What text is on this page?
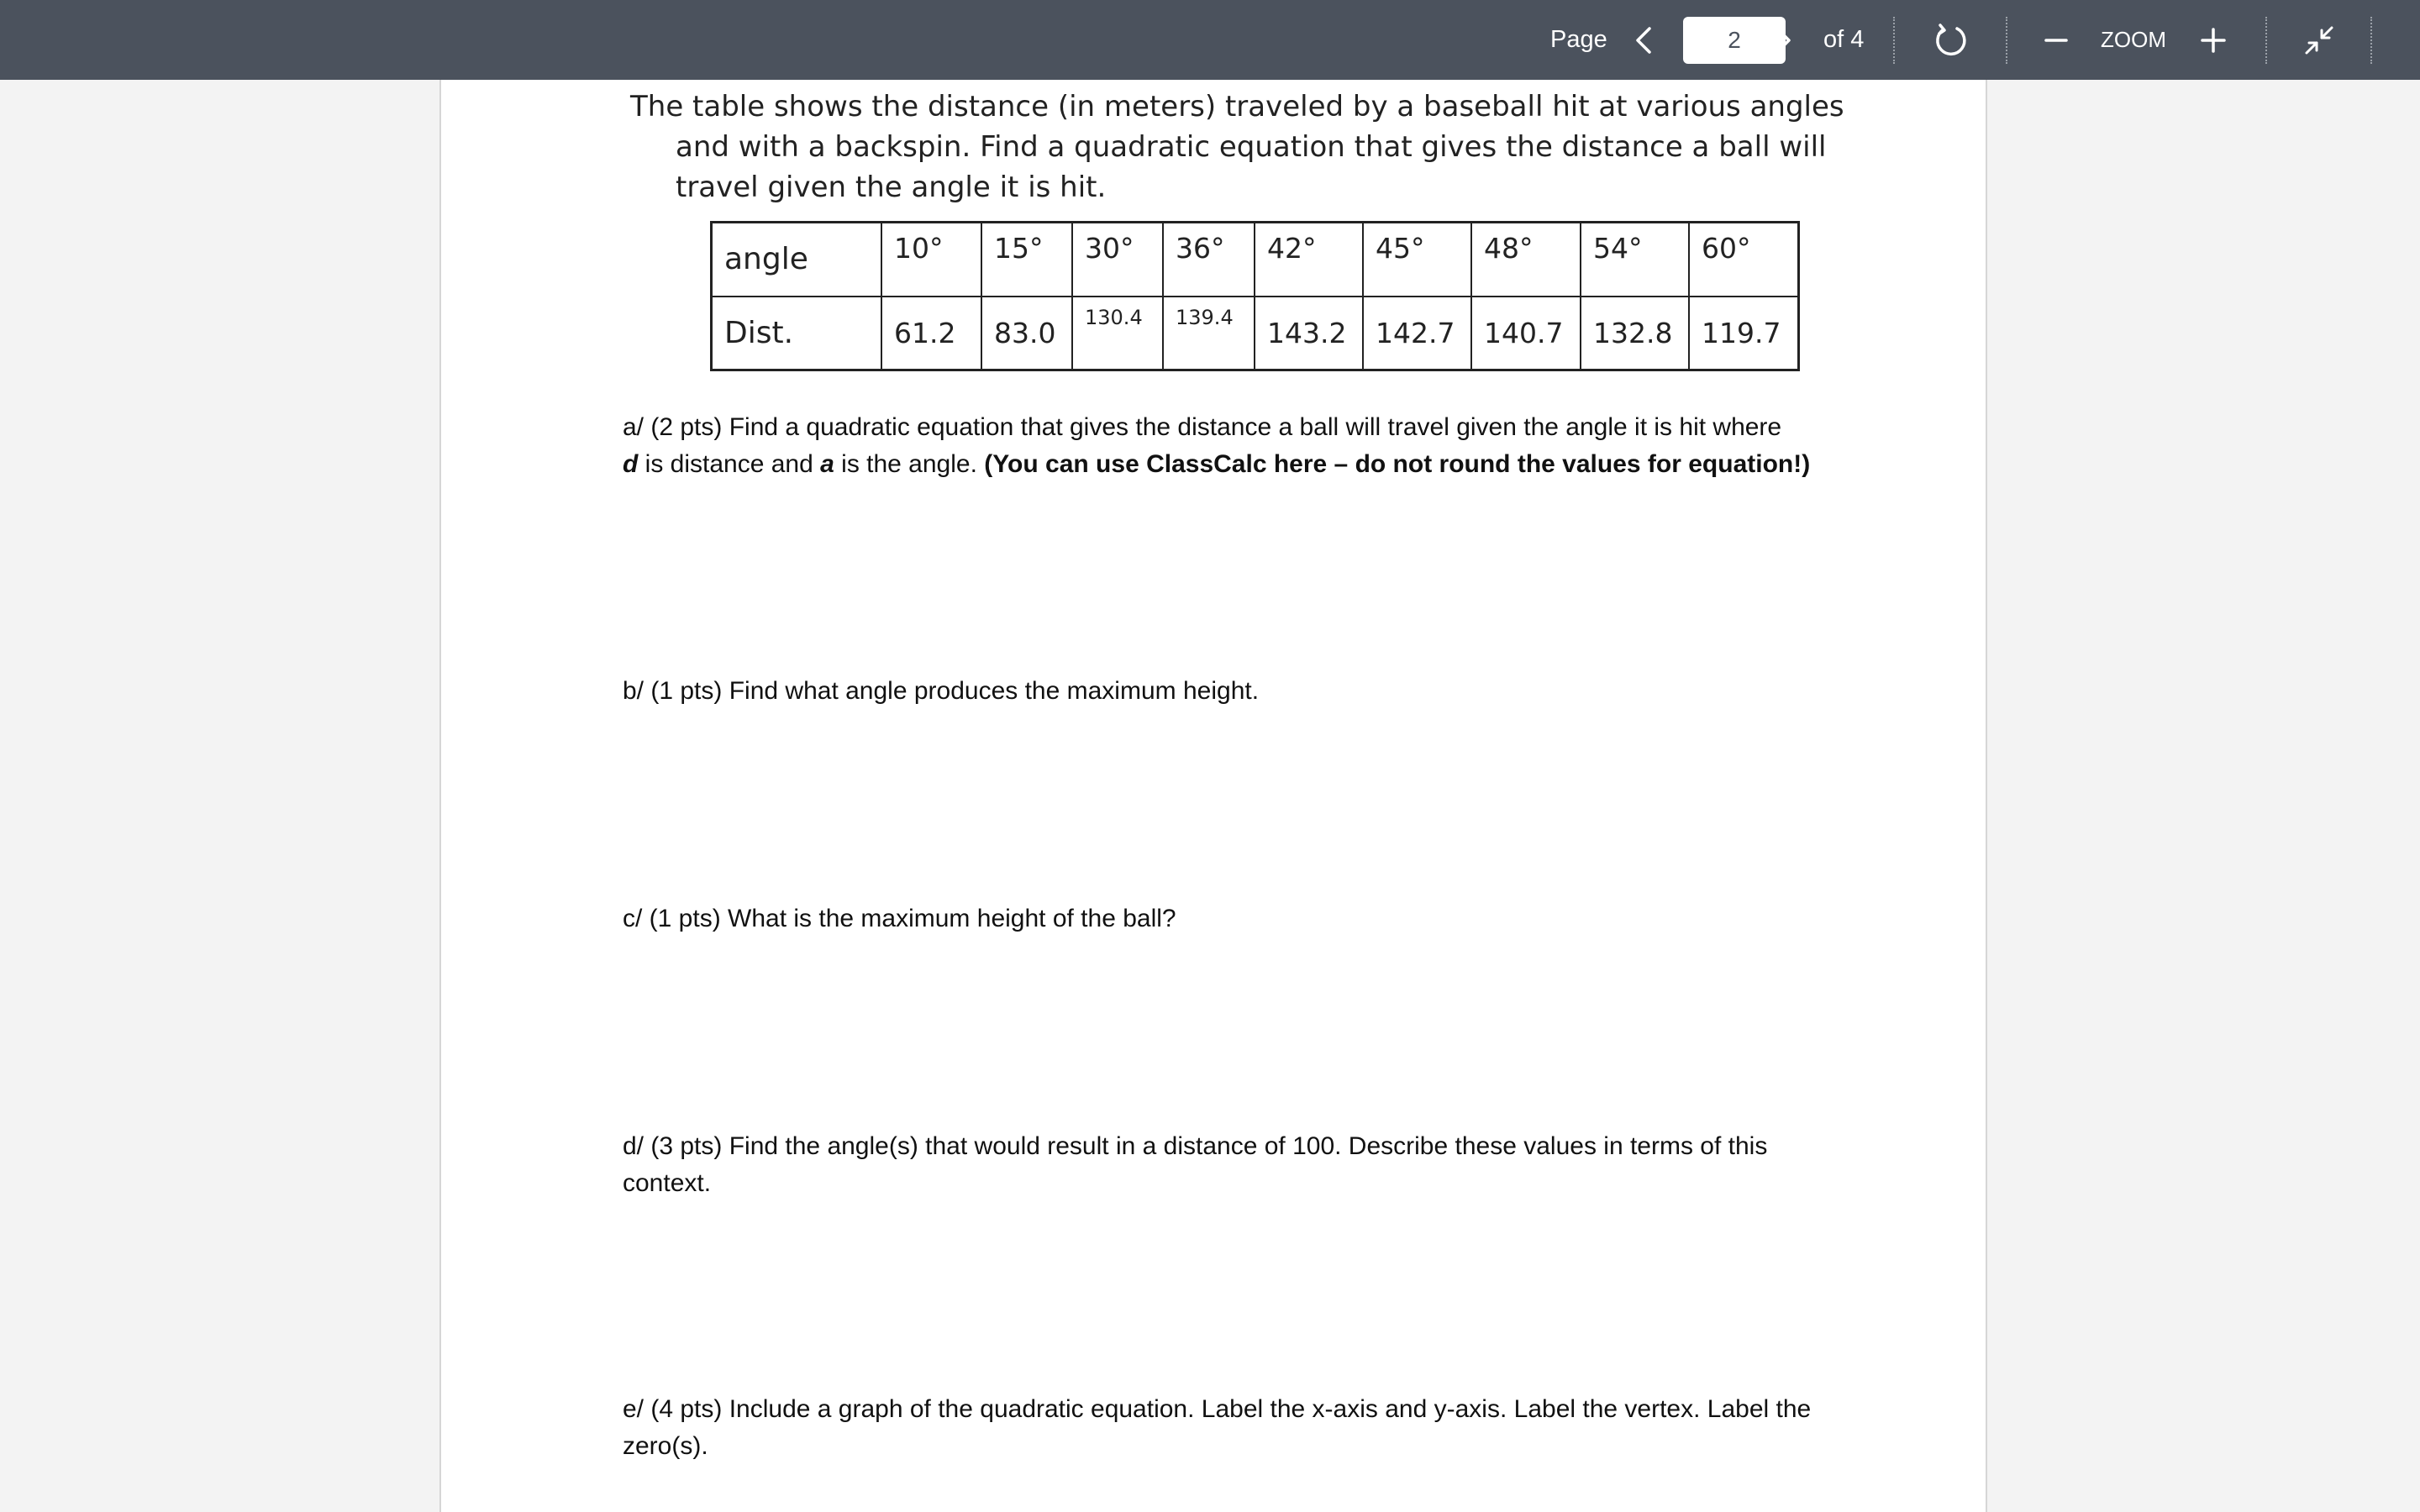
Page
2	of 4	ZOOM

The table shows the distance (in meters) traveled by a baseball hit at various angles
and with a backspin. Find a quadratic equation that gives the distance a ball will
travel given the angle it is hit.

angle	10°	15°	30°	36°	42°	45°	48°	54°	60°
Dist.	61.2	83.0	130.4	139.4	143.2	142.7	140.7	132.8	119.7

a/ (2 pts) Find a quadratic equation that gives the distance a ball will travel given the angle it is hit where
d is distance and a is the angle. (You can use ClassCalc here – do not round the values for equation!)

b/ (1 pts) Find what angle produces the maximum height.

c/ (1 pts) What is the maximum height of the ball?

d/ (3 pts) Find the angle(s) that would result in a distance of 100. Describe these values in terms of this context.

e/ (4 pts) Include a graph of the quadratic equation. Label the x-axis and y-axis. Label the vertex. Label the zero(s).
